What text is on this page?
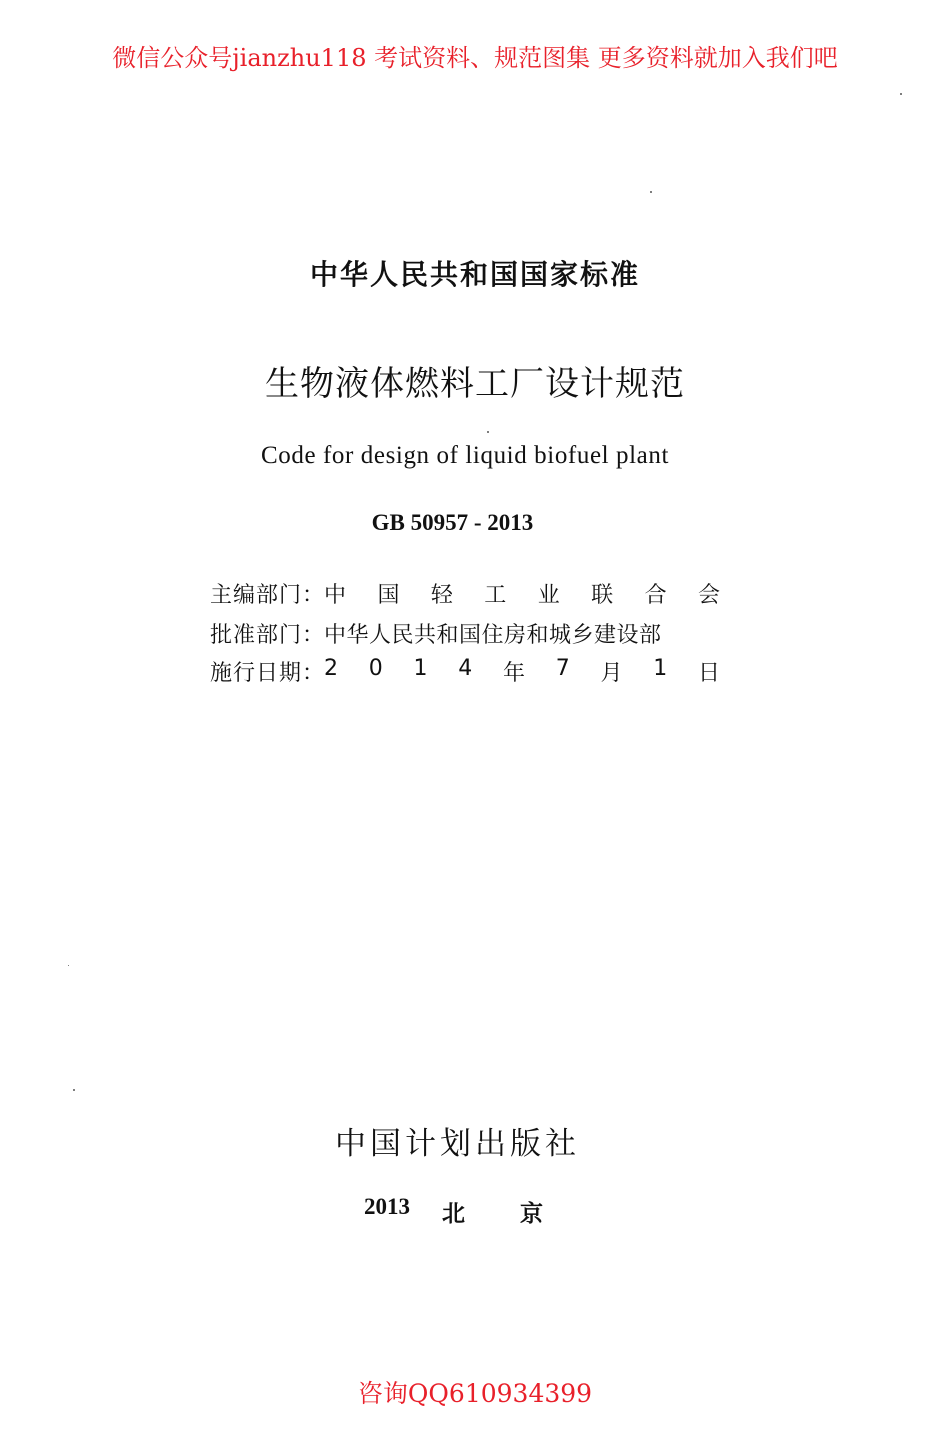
微信公众号jianzhu118 考试资料、规范图集 更多资料就加入我们吧
中华人民共和国国家标准
生物液体燃料工厂设计规范
Code for design of liquid biofuel plant
GB 50957 - 2013
主编部门 ： 中 国 轻 工 业 联 合 会
批准部门 ： 中华人民共和国住房和城乡建设部
施行日期 ： 2 0 1 4 年 7 月 1 日
中国计划出版社
2013 北 京
咨询QQ610934399
